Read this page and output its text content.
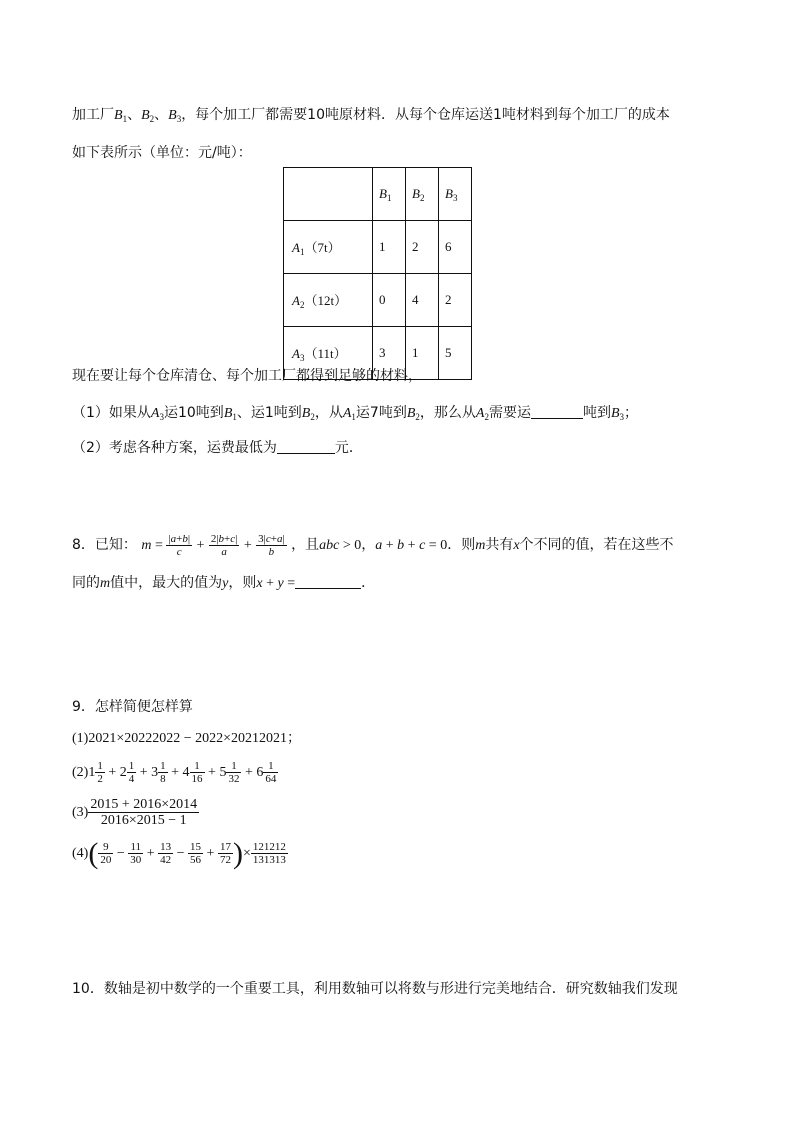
加工厂$B_1$、$B_2$、$B_3$，每个加工厂都需要10吨原材料．从每个仓库运送1吨材料到每个加工厂的成本
如下表所示（单位：元/吨）：
	$B_1$	$B_2$	$B_3$
$A_1(7t)$	1	2	6
$A_2(12t)$	0	4	2
$A_3(11t)$	3	1	5
现在要让每个仓库清仓、每个加工厂都得到足够的材料，
（1）如果从$A_3$运10吨到$B_1$、运1吨到$B_2$，从$A_1$运7吨到$B_2$，那么从$A_2$需要运	吨到$B_3$；
（2）考虑各种方案，运费最低为	元．
8．已知： $m = \frac{|a+b|}{c} + \frac{2|b+c|}{a} + \frac{3|c+a|}{b}$ ，且abc > 0，a + b + c = 0．则m共有x个不同的值，若在这些不
同的m值中，最大的值为y，则x + y =	．
9．怎样简便怎样算
(1)2021×20222022 − 2022×20212021；
$(2)1 \frac{1}{2} + 2 \frac{1}{4} + 3 \frac{1}{8} + 4 \frac{1}{16} + 5 \frac{1}{32} + 6 \frac{1}{64}$
$(3) \frac{2015 + 2016\times 2014}{2016\times 2015 - 1}$
$(4)( \frac{9}{20} - \frac{11}{30} + \frac{13}{42} - \frac{15}{56} + \frac{17}{72}$ )× $\frac{121212}{131313}$
10．数轴是初中数学的一个重要工具，利用数轴可以将数与形进行完美地结合．研究数轴我们发现
